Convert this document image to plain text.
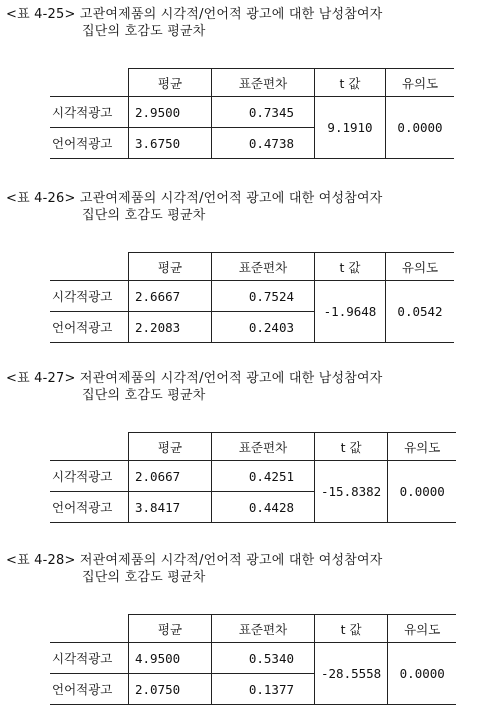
<표 4-25> 고관여제품의 시각적/언어적 광고에 대한 남성참여자
집단의 호감도 평균차
	평균	표준편차	t 값	유의도
시각적광고	2.9500	0.7345	9.1910	0.0000
언어적광고	3.6750	0.4738		
<표 4-26> 고관여제품의 시각적/언어적 광고에 대한 여성참여자
집단의 호감도 평균차
	평균	표준편차	t 값	유의도
시각적광고	2.6667	0.7524	-1.9648	0.0542
언어적광고	2.2083	0.2403		
<표 4-27> 저관여제품의 시각적/언어적 광고에 대한 남성참여자
집단의 호감도 평균차
	평균	표준편차	t 값	유의도
시각적광고	2.0667	0.4251	-15.8382	0.0000
언어적광고	3.8417	0.4428		
<표 4-28> 저관여제품의 시각적/언어적 광고에 대한 여성참여자
집단의 호감도 평균차
	평균	표준편차	t 값	유의도
시각적광고	4.9500	0.5340	-28.5558	0.0000
언어적광고	2.0750	0.1377		
